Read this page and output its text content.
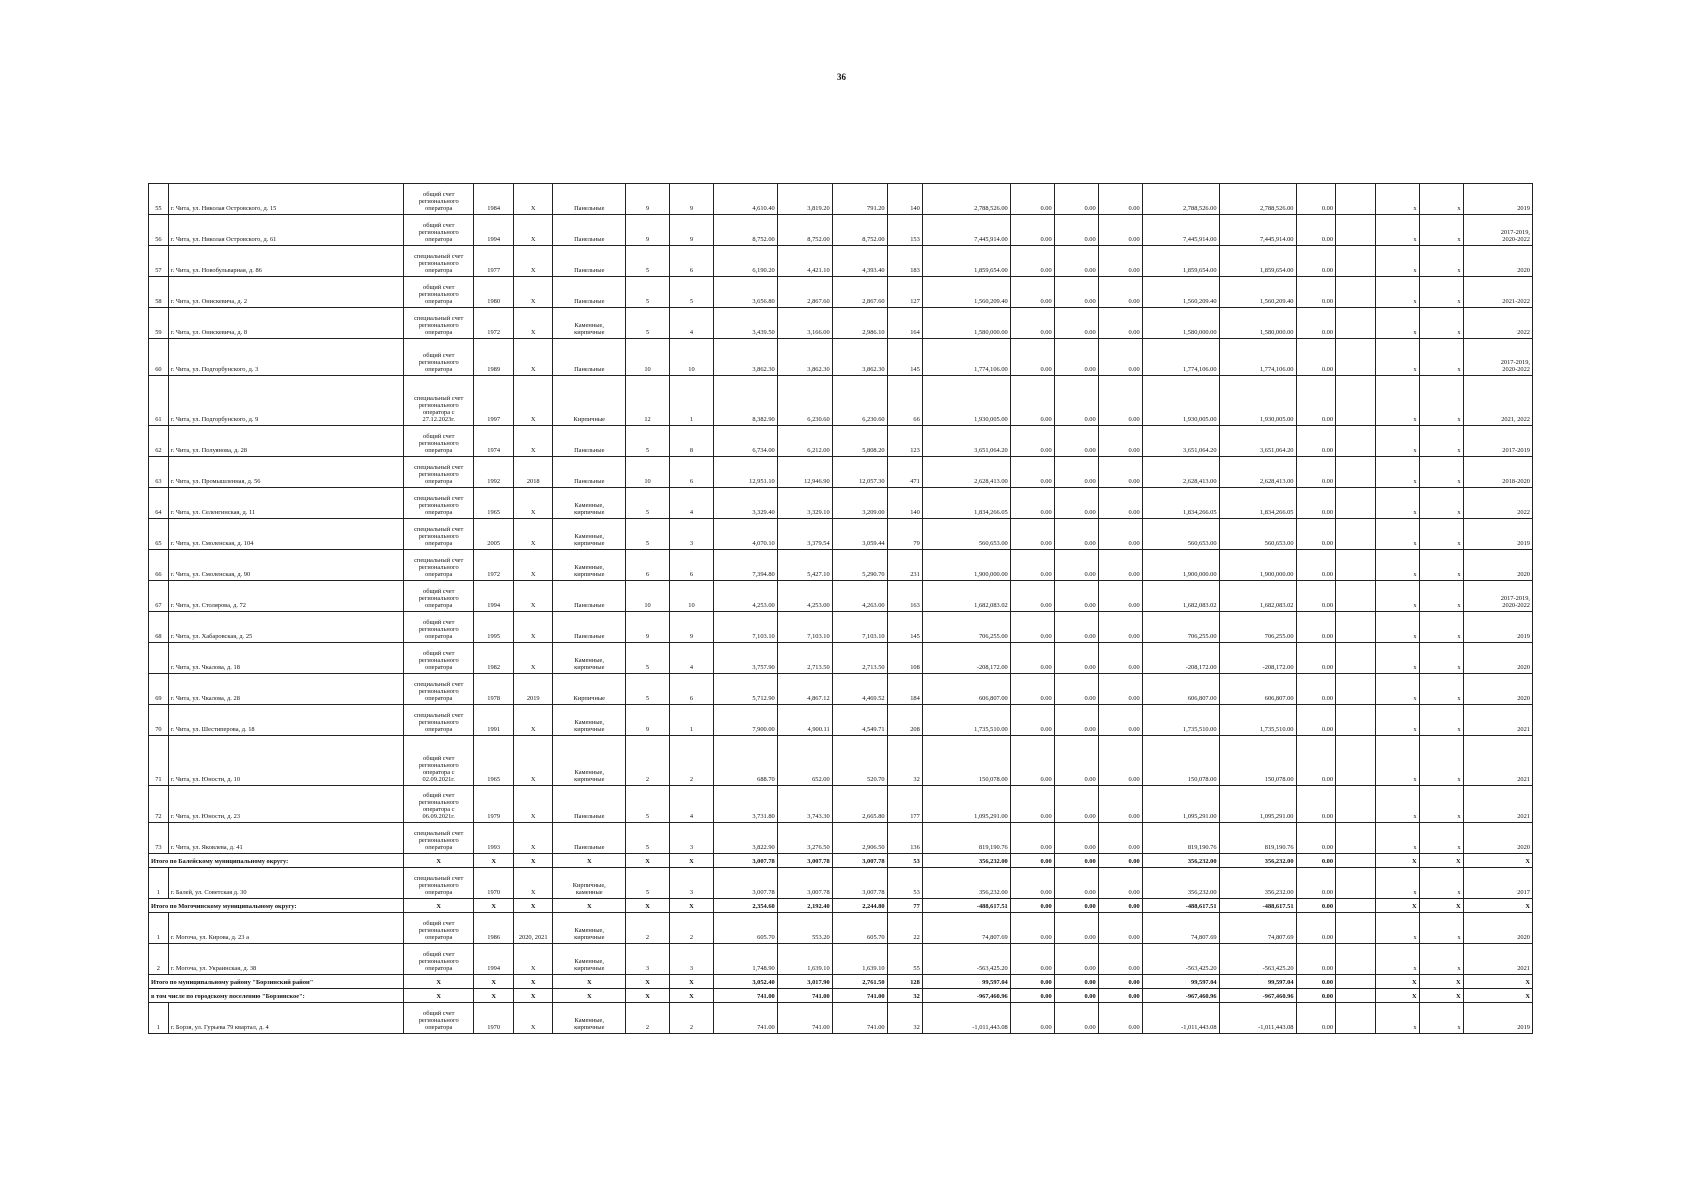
36
55	г. Чита, ул. Николая Островского, д. 15	общий счет
регионального
оператора	1984	Х	Панельные	9	9	4,610.40	3,819.20	791.20	140	2,788,526.00	0.00	0.00	0.00	2,788,526.00	2,788,526.00	0.00		х	х	2019
56	г. Чита, ул. Николая Островского, д. 61	общий счет
регионального
оператора	1994	Х	Панельные	9	9	8,752.00	8,752.00	8,752.00	153	7,445,914.00	0.00	0.00	0.00	7,445,914.00	7,445,914.00	0.00		х	х	2017-2019,
2020-2022
57	г. Чита, ул. Новобульварная, д. 86	специальный счет
регионального
оператора	1977	Х	Панельные	5	6	6,190.20	4,421.10	4,393.40	183	1,859,654.00	0.00	0.00	0.00	1,859,654.00	1,859,654.00	0.00		х	х	2020
58	г. Чита, ул. Онискевича, д. 2	общий счет
регионального
оператора	1980	Х	Панельные	5	5	3,656.80	2,867.60	2,867.60	127	1,560,209.40	0.00	0.00	0.00	1,560,209.40	1,560,209.40	0.00		х	х	2021-2022
59	г. Чита, ул. Онискевича, д. 8	специальный счет
регионального
оператора	1972	Х	Каменные,
кирпичные	5	4	3,439.50	3,166.00	2,986.10	164	1,580,000.00	0.00	0.00	0.00	1,580,000.00	1,580,000.00	0.00		х	х	2022
60	г. Чита, ул. Подгорбунского, д. 3	общий счет
регионального
оператора	1989	Х	Панельные	10	10	3,862.30	3,862.30	3,862.30	145	1,774,106.00	0.00	0.00	0.00	1,774,106.00	1,774,106.00	0.00		х	х	2017-2019,
2020-2022
61	г. Чита, ул. Подгорбунского, д. 9	специальный счет
регионального
оператора с
27.12.2023г.	1997	Х	Кирпичные	12	1	8,382.90	6,230.60	6,230.60	66	1,930,005.00	0.00	0.00	0.00	1,930,005.00	1,930,005.00	0.00		х	х	2021, 2022
62	г. Чита, ул. Полуянова, д. 28	общий счет
регионального
оператора	1974	Х	Панельные	5	8	6,734.00	6,212.00	5,808.20	123	3,651,064.20	0.00	0.00	0.00	3,651,064.20	3,651,064.20	0.00		х	х	2017-2019
63	г. Чита, ул. Промышленная, д. 56	специальный счет
регионального
оператора	1992	2018	Панельные	10	6	12,951.10	12,946.90	12,057.30	471	2,628,413.00	0.00	0.00	0.00	2,628,413.00	2,628,413.00	0.00		х	х	2018-2020
64	г. Чита, ул. Селенгинская, д. 11	специальный счет
регионального
оператора	1965	Х	Каменные,
кирпичные	5	4	3,329.40	3,329.10	3,209.00	140	1,834,266.05	0.00	0.00	0.00	1,834,266.05	1,834,266.05	0.00		х	х	2022
65	г. Чита, ул. Смоленская, д. 104	специальный счет
регионального
оператора	2005	Х	Каменные,
кирпичные	5	3	4,070.10	3,379.54	3,059.44	79	560,653.00	0.00	0.00	0.00	560,653.00	560,653.00	0.00		х	х	2019
66	г. Чита, ул. Смоленская, д. 90	специальный счет
регионального
оператора	1972	Х	Каменные,
кирпичные	6	6	7,394.80	5,427.10	5,290.70	231	1,900,000.00	0.00	0.00	0.00	1,900,000.00	1,900,000.00	0.00		х	х	2020
67	г. Чита, ул. Столярова, д. 72	общий счет
регионального
оператора	1994	Х	Панельные	10	10	4,253.00	4,253.00	4,263.00	163	1,682,083.02	0.00	0.00	0.00	1,682,083.02	1,682,083.02	0.00		х	х	2017-2019,
2020-2022
68	г. Чита, ул. Хабаровская, д. 25	общий счет
регионального
оператора	1995	Х	Панельные	9	9	7,103.10	7,103.10	7,103.10	145	706,255.00	0.00	0.00	0.00	706,255.00	706,255.00	0.00		х	х	2019
	г. Чита, ул. Чкалова, д. 18	общий счет
регионального
оператора	1982	Х	Каменные,
кирпичные	5	4	3,757.90	2,713.50	2,713.50	108	-208,172.00	0.00	0.00	0.00	-208,172.00	-208,172.00	0.00		х	х	2020
69	г. Чита, ул. Чкалова, д. 28	специальный счет
регионального
оператора	1978	2019	Кирпичные	5	6	5,712.90	4,867.12	4,469.52	184	606,807.00	0.00	0.00	0.00	606,807.00	606,807.00	0.00		х	х	2020
70	г. Чита, ул. Шестиперова, д. 18	специальный счет
регионального
оператора	1991	Х	Каменные,
кирпичные	9	1	7,900.00	4,900.11	4,549.71	208	1,735,510.00	0.00	0.00	0.00	1,735,510.00	1,735,510.00	0.00		х	х	2021
71	г. Чита, ул. Юности, д. 10	общий счет
регионального
оператора с
02.09.2021г.	1965	Х	Каменные,
кирпичные	2	2	688.70	652.00	520.70	32	150,078.00	0.00	0.00	0.00	150,078.00	150,078.00	0.00		х	х	2021
72	г. Чита, ул. Юности, д. 23	общий счет
регионального
оператора с
06.09.2021г.	1979	Х	Панельные	5	4	3,731.80	3,743.30	2,665.80	177	1,095,291.00	0.00	0.00	0.00	1,095,291.00	1,095,291.00	0.00		х	х	2021
73	г. Чита, ул. Яковлева, д. 41	специальный счет
регионального
оператора	1993	Х	Панельные	5	3	3,822.90	3,276.50	2,906.50	136	819,190.76	0.00	0.00	0.00	819,190.76	819,190.76	0.00		х	х	2020
Итого по Балейскому муниципальному округу:		Х	Х	Х	Х	Х	Х	3,007.78	3,007.78	3,007.78	53	356,232.00	0.00	0.00	0.00	356,232.00	356,232.00	0.00		Х	Х	Х
1	г. Балей, ул. Советская д. 30	специальный счет
регионального
оператора	1970	Х	Кирпичные,
каменные	5	3	3,007.78	3,007.78	3,007.78	53	356,232.00	0.00	0.00	0.00	356,232.00	356,232.00	0.00		х	х	2017
Итого по Могочинскому муниципальному округу:		Х	Х	Х	Х	Х	Х	2,354.60	2,192.40	2,244.80	77	-488,617.51	0.00	0.00	0.00	-488,617.51	-488,617.51	0.00		Х	Х	Х
1	г. Могоча, ул. Кирова, д. 23 а	общий счет
регионального
оператора	1986	2020, 2021	Каменные,
кирпичные	2	2	605.70	553.20	605.70	22	74,807.69	0.00	0.00	0.00	74,807.69	74,807.69	0.00		х	х	2020
2	г. Могоча, ул. Украинская, д. 38	общий счет
регионального
оператора	1994	Х	Каменные,
кирпичные	3	3	1,748.90	1,639.10	1,639.10	55	-563,425.20	0.00	0.00	0.00	-563,425.20	-563,425.20	0.00		х	х	2021
Итого по муниципальному району "Борзинский район"		Х	Х	Х	Х	Х	Х	3,052.40	3,017.90	2,761.50	128	99,597.04	0.00	0.00	0.00	99,597.04	99,597.04	0.00		Х	Х	Х
в том числе по городскому поселению "Борзинское":		Х	Х	Х	Х	Х	Х	741.00	741.00	741.00	32	-967,460.96	0.00	0.00	0.00	-967,460.96	-967,460.96	0.00		Х	Х	Х
1	г. Борзя, ул. Гурьева 79 квартал, д. 4	общий счет
регионального
оператора	1970	Х	Каменные,
кирпичные	2	2	741.00	741.00	741.00	32	-1,011,443.08	0.00	0.00	0.00	-1,011,443.08	-1,011,443.08	0.00		х	х	2019
